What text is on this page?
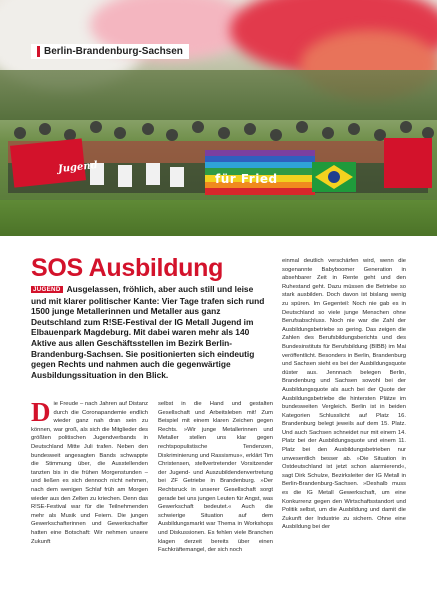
Jugend
für Fried
Berlin-Brandenburg-Sachsen
SOS Ausbildung
JUGEND Ausgelassen, fröhlich, aber auch still und leise und mit klarer politischer Kante: Vier Tage trafen sich rund 1500 junge Metallerinnen und Metaller aus ganz Deutschland zum R!SE-Festival der IG Metall Jugend im Elbauenpark Magdeburg. Mit dabei waren mehr als 140 Aktive aus allen Geschäftsstellen im Bezirk Berlin-Brandenburg-Sachsen. Sie positionierten sich eindeutig gegen Rechts und nahmen auch die gegenwärtige Ausbildungssituation in den Blick.
D ie Freude – nach Jahren auf Distanz durch die Coronapandemie endlich wieder ganz nah dran sein zu können, war groß, als sich die Mitglieder des größten politischen Jugendverbands in Deutschland Mitte Juli trafen. Neben den bundesweit angesagten Bands schwappte die Stimmung über, die Ausstellenden tanzten bis in die frühen Morgenstunden – und ließen es sich dennoch nicht nehmen, nach dem wenigen Schlaf früh am Morgen wieder aus den Zelten zu kriechen. Denn das R!SE-Festival war für die Teilnehmenden mehr als Musik und Feiern. Die jungen Gewerkschafterinnen und Gewerkschafter hatten eine Botschaft: Wir nehmen unsere Zukunft
selbst in die Hand und gestalten Gesellschaft und Arbeitsleben mit! Zum Beispiel mit einem klaren Zeichen gegen Rechts. »Wir junge Metallerinnen und Metaller stellen uns klar gegen rechtspopulistische Tendenzen, Diskriminierung und Rassismus«, erklärt Tim Christensen, stellvertretender Vorsitzender der Jugend- und Auszubildendenvertretung bei ZF Getriebe in Brandenburg. »Der Rechtsruck in unserer Gesellschaft sorgt gerade bei uns jungen Leuten für Angst, was Gewerkschaft bedeutet.« Auch die schwierige Situation auf dem Ausbildungsmarkt war Thema in Workshops und Diskussionen. Es fehlen viele Branchen klagen derzeit bereits über einen Fachkräftemangel, der sich noch
einmal deutlich verschärfen wird, wenn die sogenannte Babyboomer Generation in absehbarer Zeit in Rente geht und den Ruhestand geht. Dazu müssen die Betriebe so stark ausbilden. Doch davon ist bislang wenig zu spüren. Im Gegenteil: Noch nie gab es in Deutschland so viele junge Menschen ohne Berufsabschluss. Noch nie war die Zahl der Ausbildungsbetriebe so gering. Das zeigen die Zahlen des Berufsbildungsberichts und des Bundesinstituts für Berufsbildung (BIBB) im Mai veröffentlicht. Besonders in Berlin, Brandenburg und Sachsen sieht es bei der Ausbildungsquote düster aus. Jennnach belegen Berlin, Brandenburg und Sachsen sowohl bei der Ausbildungsquote als auch bei der Quote der Ausbildungsbetriebe die hintersten Plätze im bundesweiten Vergleich. Berlin ist in beiden Kategorien Schlusslicht auf Platz 16. Brandenburg belegt jeweils auf dem 15. Platz. Und auch Sachsen schneidet nur mit einem 14. Platz bei der Ausbildungsquote und einem 11. Platz bei den Ausbildungsbetrieben nur unwesentlich besser ab. »Die Situation in Ostdeutschland ist jetzt schon alarmierend«, sagt Dirk Schulze, Bezirksleiter der IG Metall in Berlin-Brandenburg-Sachsen. »Deshalb muss es die IG Metall Gewerkschaft, um eine Konkurrenz gegen den Wirtschaftsstandort und Politik selbst, um die Ausbildung und damit die Zukunft der Industrie zu sichern. Ohne eine Ausbildung bei der
